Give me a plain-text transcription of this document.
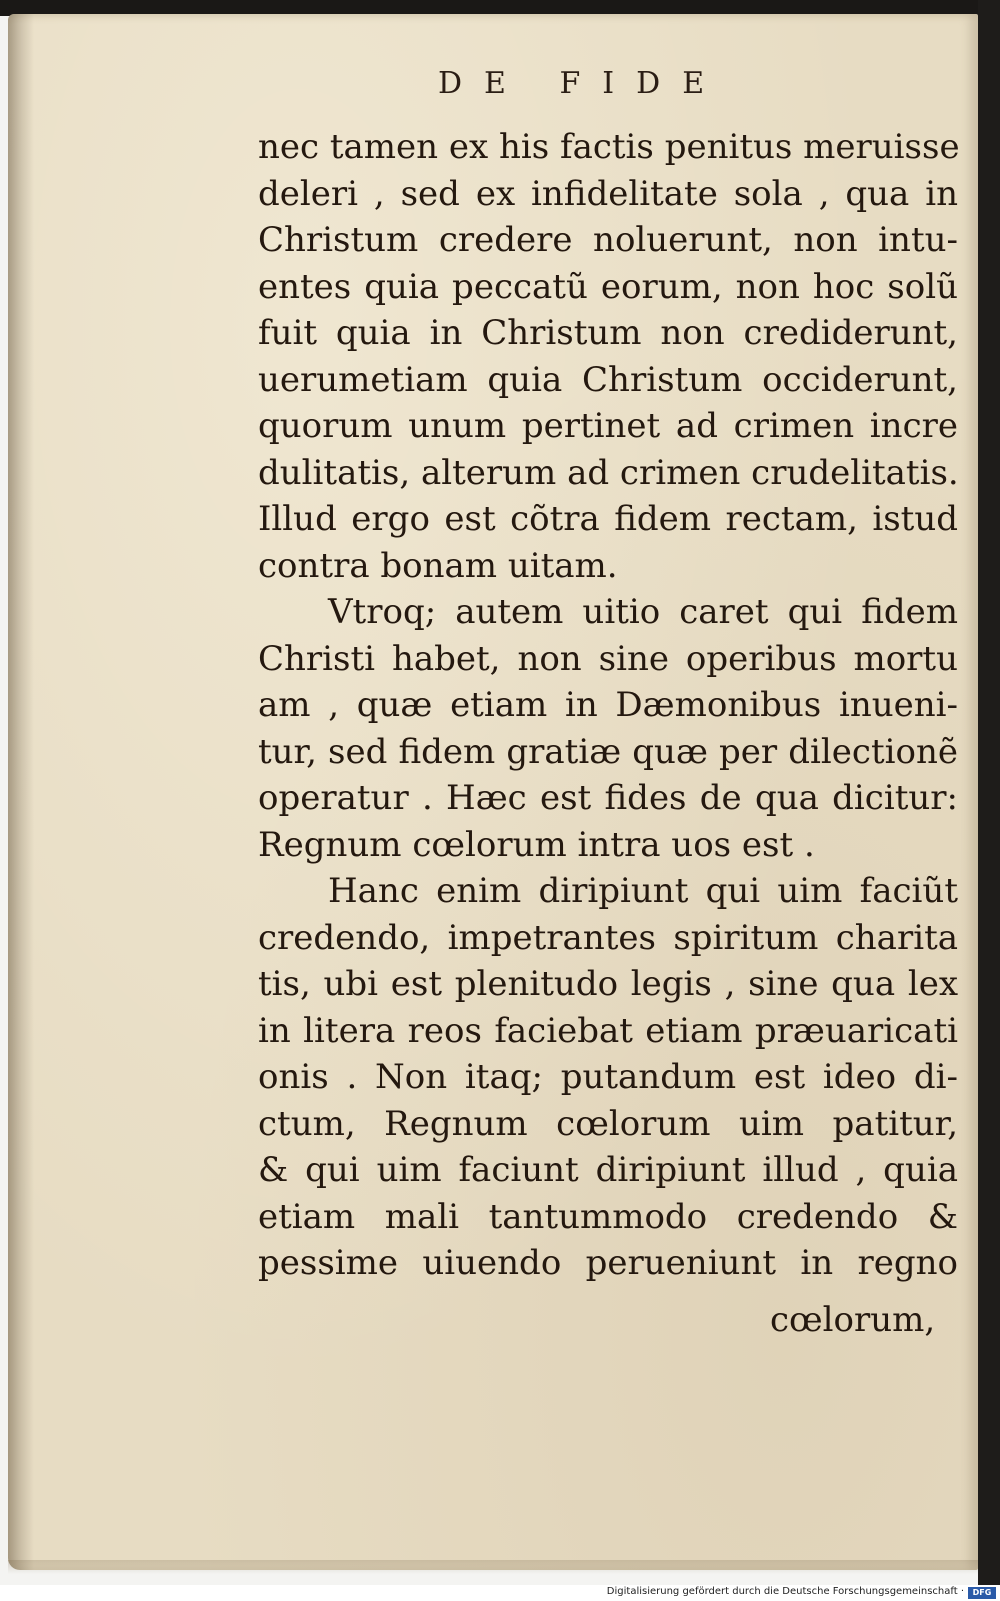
DE FIDE
nec tamen ex his factis penitus meruisse
deleri , sed ex infidelitate sola , qua in
Christum credere noluerunt, non intu-
entes quia peccatũ eorum, non hoc solũ
fuit quia in Christum non crediderunt,
uerumetiam quia Christum occiderunt,
quorum unum pertinet ad crimen incre
dulitatis, alterum ad crimen crudelitatis.
Illud ergo est cõtra fidem rectam, istud
contra bonam uitam.
Vtroq; autem uitio caret qui fidem
Christi habet, non sine operibus mortu
am , quæ etiam in Dæmonibus inueni-
tur, sed fidem gratiæ quæ per dilectionẽ
operatur . Hæc est fides de qua dicitur:
Regnum cœlorum intra uos est .
Hanc enim diripiunt qui uim faciũt
credendo, impetrantes spiritum charita
tis, ubi est plenitudo legis , sine qua lex
in litera reos faciebat etiam præuaricati
onis . Non itaq; putandum est ideo di-
ctum, Regnum cœlorum uim patitur,
& qui uim faciunt diripiunt illud , quia
etiam mali tantummodo credendo &
pessime uiuendo perueniunt in regno
cœlorum,
Digitalisierung gefördert durch die Deutsche Forschungsgemeinschaft ·	DFG
